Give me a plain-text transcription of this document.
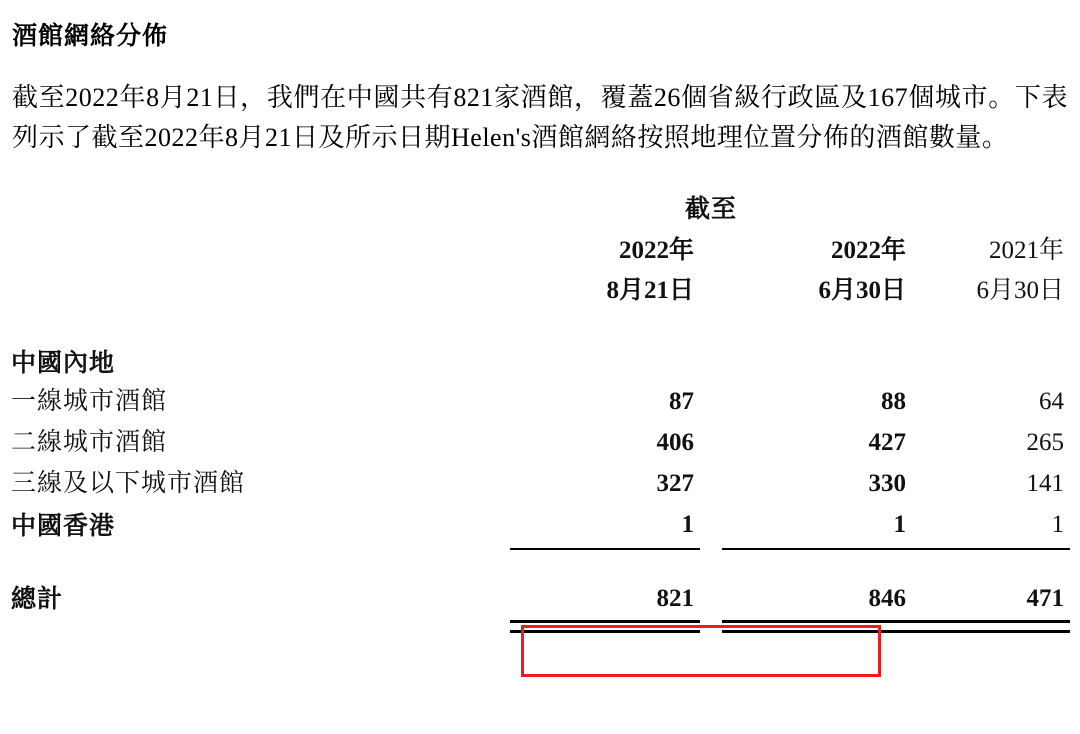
酒館網絡分佈

截至2022年8月21日，我們在中國共有821家酒館，覆蓋26個省級行政區及167個城市。下表列示了截至2022年8月21日及所示日期Helen's酒館網絡按照地理位置分佈的酒館數量。

	截至			
	2022年		2022年	2021年
	8月21日		6月30日	6月30日

中國內地				
一線城市酒館	87		88	64
二線城市酒館	406		427	265
三線及以下城市酒館	327		330	141
中國香港	1		1	1

總計	821		846	471
